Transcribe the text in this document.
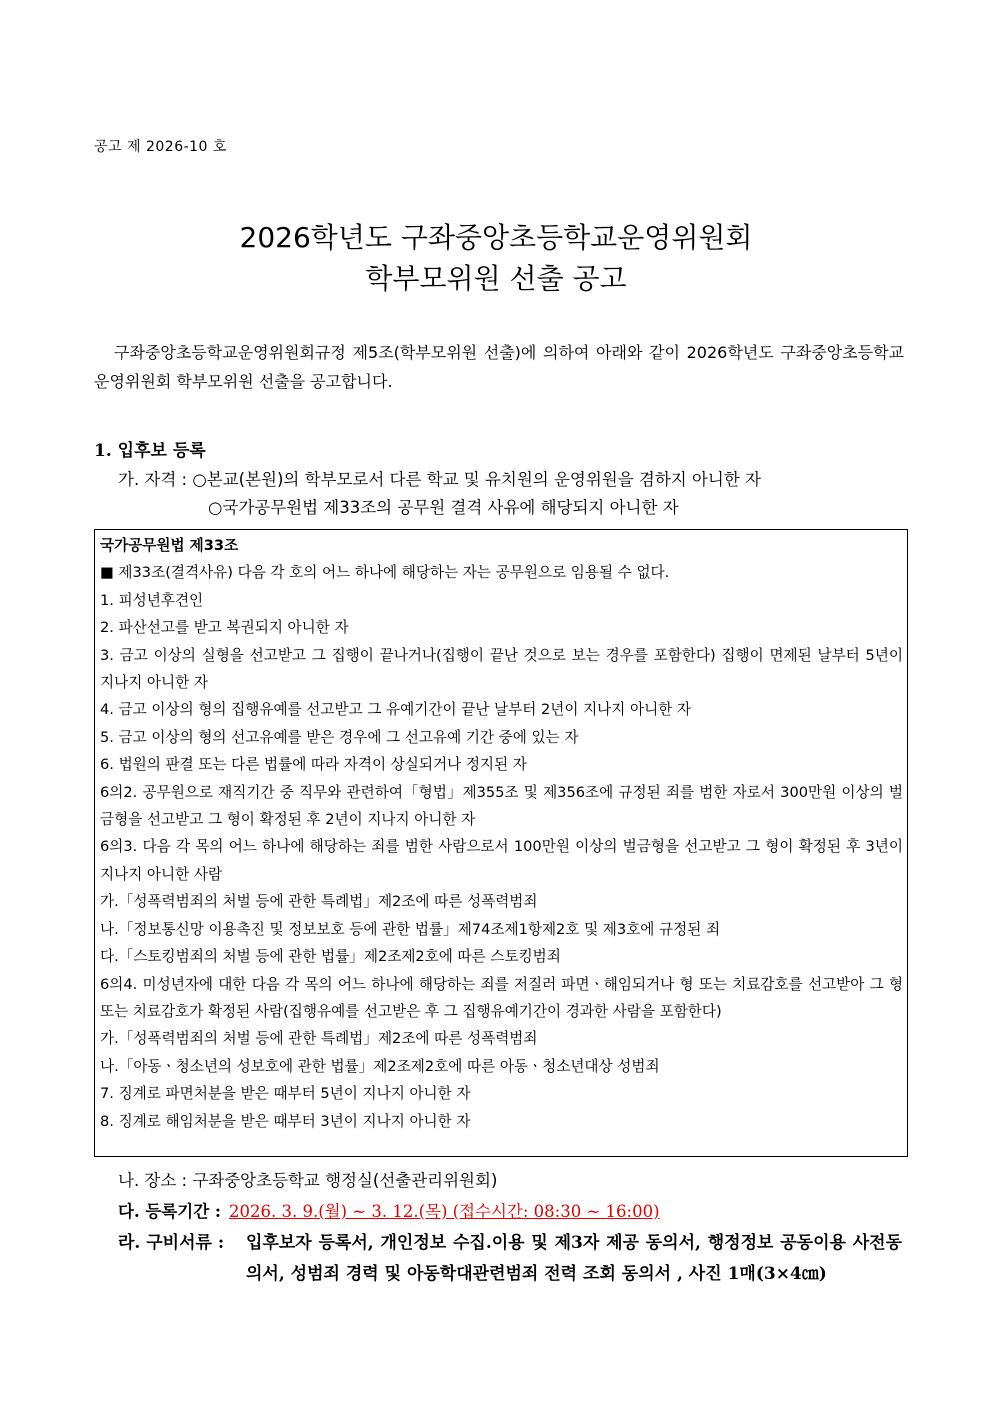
공고 제 2026-10 호
2026학년도 구좌중앙초등학교운영위원회
학부모위원 선출 공고
구좌중앙초등학교운영위원회규정 제5조(학부모위원 선출)에 의하여 아래와 같이 2026학년도 구좌중앙초등학교운영위원회 학부모위원 선출을 공고합니다.
1. 입후보 등록
가. 자격 : ○본교(본원)의 학부모로서 다른 학교 및 유치원의 운영위원을 겸하지 아니한 자
○국가공무원법 제33조의 공무원 결격 사유에 해당되지 아니한 자

국가공무원법 제33조

■ 제33조(결격사유) 다음 각 호의 어느 하나에 해당하는 자는 공무원으로 임용될 수 없다.

1. 피성년후견인

2. 파산선고를 받고 복권되지 아니한 자

3. 금고 이상의 실형을 선고받고 그 집행이 끝나거나(집행이 끝난 것으로 보는 경우를 포함한다) 집행이 면제된 날부터 5년이 지나지 아니한 자

4. 금고 이상의 형의 집행유예를 선고받고 그 유예기간이 끝난 날부터 2년이 지나지 아니한 자

5. 금고 이상의 형의 선고유예를 받은 경우에 그 선고유예 기간 중에 있는 자

6. 법원의 판결 또는 다른 법률에 따라 자격이 상실되거나 정지된 자

6의2. 공무원으로 재직기간 중 직무와 관련하여「형법」제355조 및 제356조에 규정된 죄를 범한 자로서 300만원 이상의 벌금형을 선고받고 그 형이 확정된 후 2년이 지나지 아니한 자

6의3. 다음 각 목의 어느 하나에 해당하는 죄를 범한 사람으로서 100만원 이상의 벌금형을 선고받고 그 형이 확정된 후 3년이 지나지 아니한 사람

가.「성폭력범죄의 처벌 등에 관한 특례법」제2조에 따른 성폭력범죄

나.「정보통신망 이용촉진 및 정보보호 등에 관한 법률」제74조제1항제2호 및 제3호에 규정된 죄

다.「스토킹범죄의 처벌 등에 관한 법률」제2조제2호에 따른 스토킹범죄

6의4. 미성년자에 대한 다음 각 목의 어느 하나에 해당하는 죄를 저질러 파면ㆍ해임되거나 형 또는 치료감호를 선고받아 그 형 또는 치료감호가 확정된 사람(집행유예를 선고받은 후 그 집행유예기간이 경과한 사람을 포함한다)

가.「성폭력범죄의 처벌 등에 관한 특례법」제2조에 따른 성폭력범죄

나.「아동ㆍ청소년의 성보호에 관한 법률」제2조제2호에 따른 아동ㆍ청소년대상 성범죄

7. 징계로 파면처분을 받은 때부터 5년이 지나지 아니한 자

8. 징계로 해임처분을 받은 때부터 3년이 지나지 아니한 자

나. 장소 : 구좌중앙초등학교 행정실(선출관리위원회)
다. 등록기간 : 2026. 3. 9.(월) ~ 3. 12.(목) (접수시간: 08:30 ~ 16:00)
라. 구비서류 : 입후보자 등록서, 개인정보 수집.이용 및 제3자 제공 동의서, 행정정보 공동이용 사전동의서, 성범죄 경력 및 아동학대관련범죄 전력 조회 동의서 , 사진 1매(3×4㎝)
